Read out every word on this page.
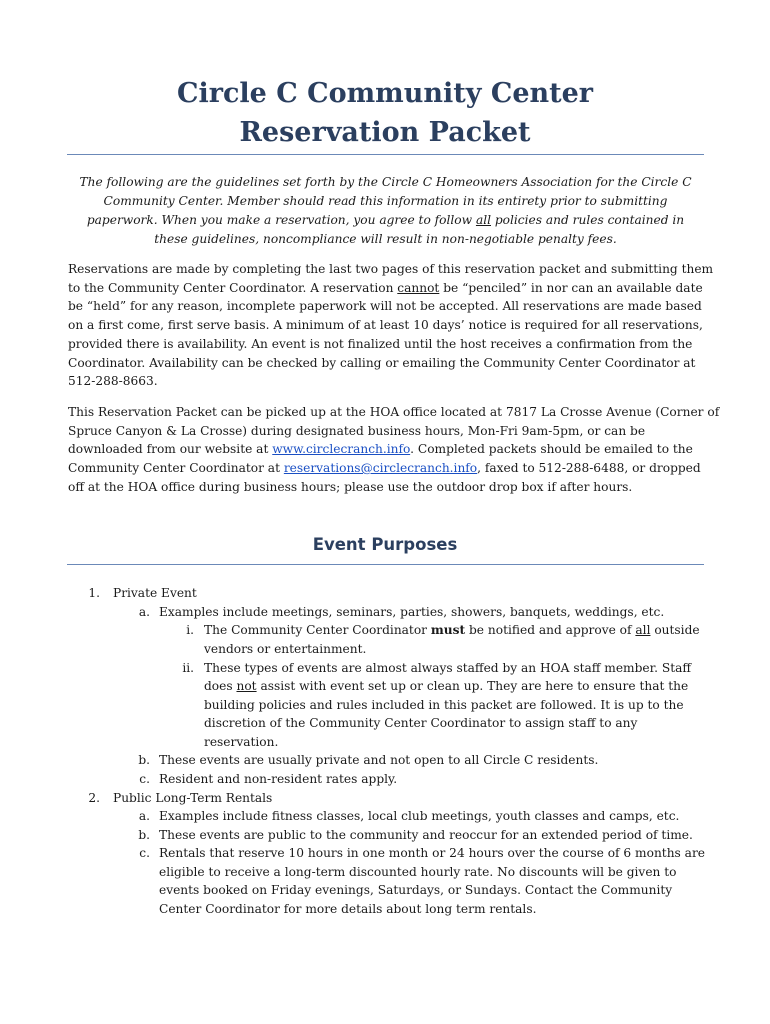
Circle C Community Center
Reservation Packet
The following are the guidelines set forth by the Circle C Homeowners Association for the Circle C
Community Center. Member should read this information in its entirety prior to submitting
paperwork. When you make a reservation, you agree to follow all policies and rules contained in
these guidelines, noncompliance will result in non-negotiable penalty fees.
Reservations are made by completing the last two pages of this reservation packet and submitting them
to the Community Center Coordinator. A reservation cannot be “penciled” in nor can an available date
be “held” for any reason, incomplete paperwork will not be accepted. All reservations are made based
on a first come, first serve basis. A minimum of at least 10 days’ notice is required for all reservations,
provided there is availability. An event is not finalized until the host receives a confirmation from the
Coordinator. Availability can be checked by calling or emailing the Community Center Coordinator at
512-288-8663.
This Reservation Packet can be picked up at the HOA office located at 7817 La Crosse Avenue (Corner of
Spruce Canyon & La Crosse) during designated business hours, Mon-Fri 9am-5pm, or can be
downloaded from our website at www.circlecranch.info. Completed packets should be emailed to the
Community Center Coordinator at reservations@circlecranch.info, faxed to 512-288-6488, or dropped
off at the HOA office during business hours; please use the outdoor drop box if after hours.
Event Purposes
1. Private Event
a. Examples include meetings, seminars, parties, showers, banquets, weddings, etc.
i. The Community Center Coordinator must be notified and approve of all outside
vendors or entertainment.
ii. These types of events are almost always staffed by an HOA staff member. Staff
does not assist with event set up or clean up. They are here to ensure that the
building policies and rules included in this packet are followed. It is up to the
discretion of the Community Center Coordinator to assign staff to any
reservation.
b. These events are usually private and not open to all Circle C residents.
c. Resident and non-resident rates apply.
2. Public Long-Term Rentals
a. Examples include fitness classes, local club meetings, youth classes and camps, etc.
b. These events are public to the community and reoccur for an extended period of time.
c. Rentals that reserve 10 hours in one month or 24 hours over the course of 6 months are
eligible to receive a long-term discounted hourly rate. No discounts will be given to
events booked on Friday evenings, Saturdays, or Sundays. Contact the Community
Center Coordinator for more details about long term rentals.
